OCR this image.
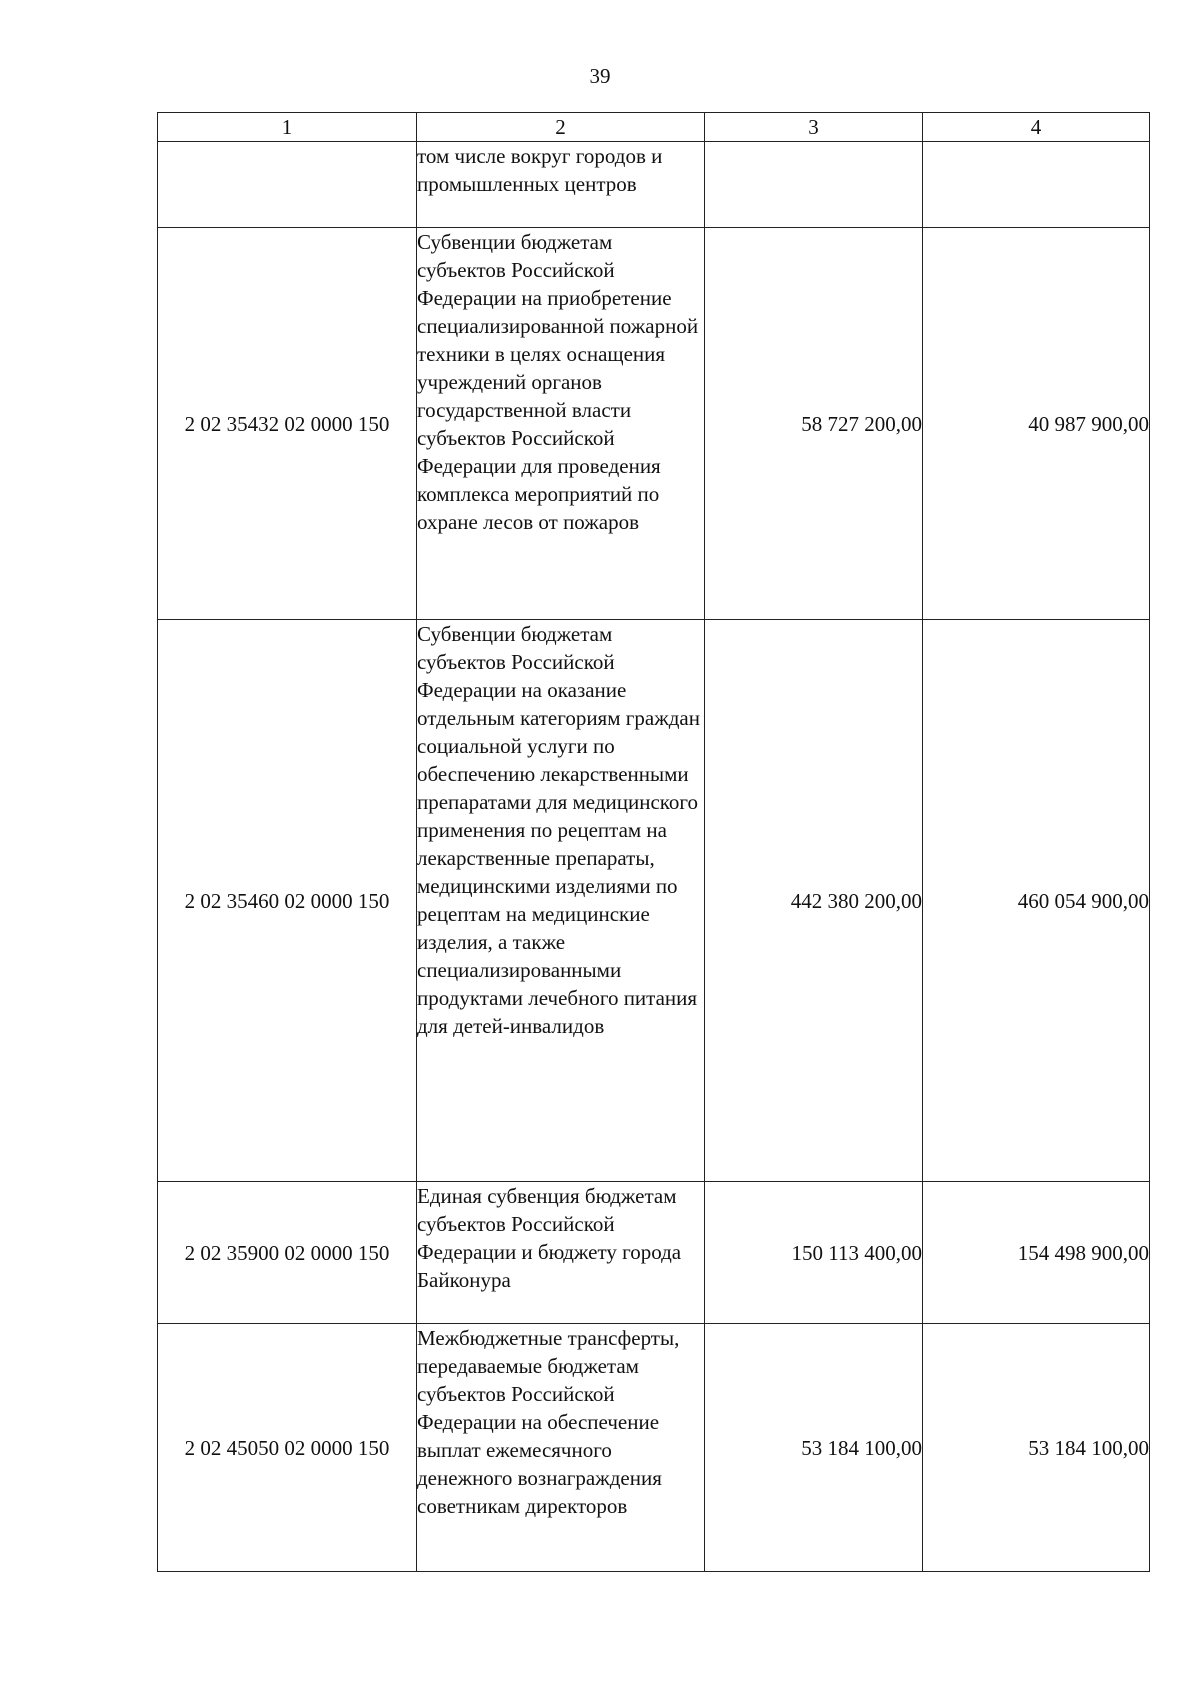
39
1	2	3	4
	том числе вокруг городов и промышленных центров		
2 02 35432 02 0000 150	Субвенции бюджетам субъектов Российской Федерации на приобретение специализированной пожарной техники в целях оснащения учреждений органов государственной власти субъектов Российской Федерации для проведения комплекса мероприятий по охране лесов от пожаров	58 727 200,00	40 987 900,00
2 02 35460 02 0000 150	Субвенции бюджетам субъектов Российской Федерации на оказание отдельным категориям граждан социальной услуги по обеспечению лекарственными препаратами для медицинского применения по рецептам на лекарственные препараты, медицинскими изделиями по рецептам на медицинские изделия, а также специализированными продуктами лечебного питания для детей-инвалидов	442 380 200,00	460 054 900,00
2 02 35900 02 0000 150	Единая субвенция бюджетам субъектов Российской Федерации и бюджету города Байконура	150 113 400,00	154 498 900,00
2 02 45050 02 0000 150	Межбюджетные трансферты, передаваемые бюджетам субъектов Российской Федерации на обеспечение выплат ежемесячного денежного вознаграждения советникам директоров	53 184 100,00	53 184 100,00
